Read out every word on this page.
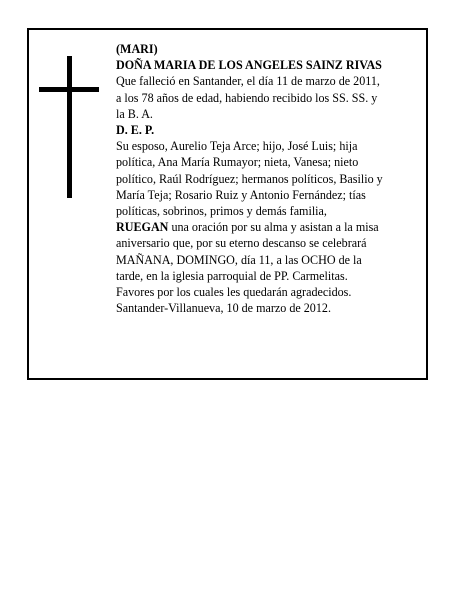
(MARI)
DOÑA MARIA DE LOS ANGELES SAINZ RIVAS
Que falleció en Santander, el día 11 de marzo de 2011,
a los 78 años de edad, habiendo recibido los SS. SS. y
la B. A.
D. E. P.
Su esposo, Aurelio Teja Arce; hijo, José Luis; hija
política, Ana María Rumayor; nieta, Vanesa; nieto
político, Raúl Rodríguez; hermanos políticos, Basilio y
María Teja; Rosario Ruiz y Antonio Fernández; tías
políticas, sobrinos, primos y demás familia,
RUEGAN una oración por su alma y asistan a la misa
aniversario que, por su eterno descanso se celebrará
MAÑANA, DOMINGO, día 11, a las OCHO de la
tarde, en la iglesia parroquial de PP. Carmelitas.
Favores por los cuales les quedarán agradecidos.
Santander-Villanueva, 10 de marzo de 2012.
